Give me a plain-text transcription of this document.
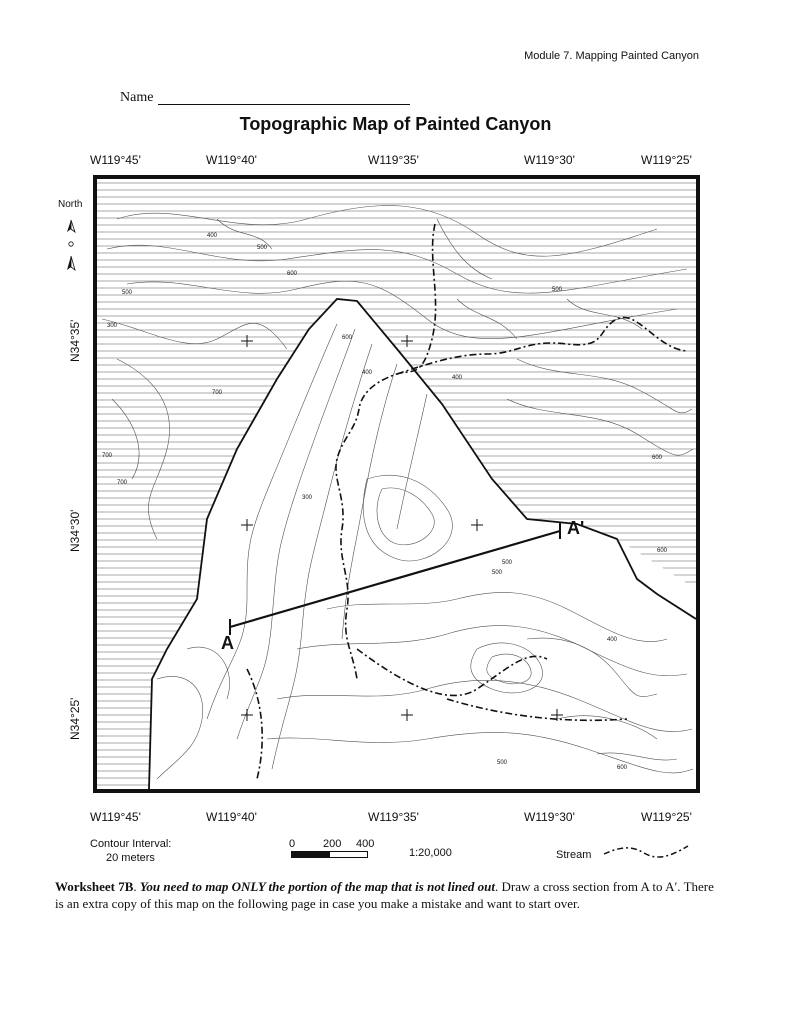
Module 7. Mapping Painted Canyon
Name
Topographic Map of Painted Canyon
W119°45'	W119°40'	W119°35'	W119°30'	W119°25'
W119°45'	W119°40'	W119°35'	W119°30'	W119°25'
N34°35'
N34°30'
N34°25'
North
400
500
600
700
300
500
600
400
500
700
300
600
500
600
700
400
500
400
500
600
A
A'
Contour Interval:
20 meters
0	200 400
1:20,000	Stream
Worksheet 7B. You need to map ONLY the portion of the map that is not lined out. Draw a cross section from A to A′. There is an extra copy of this map on the following page in case you make a mistake and want to start over.
